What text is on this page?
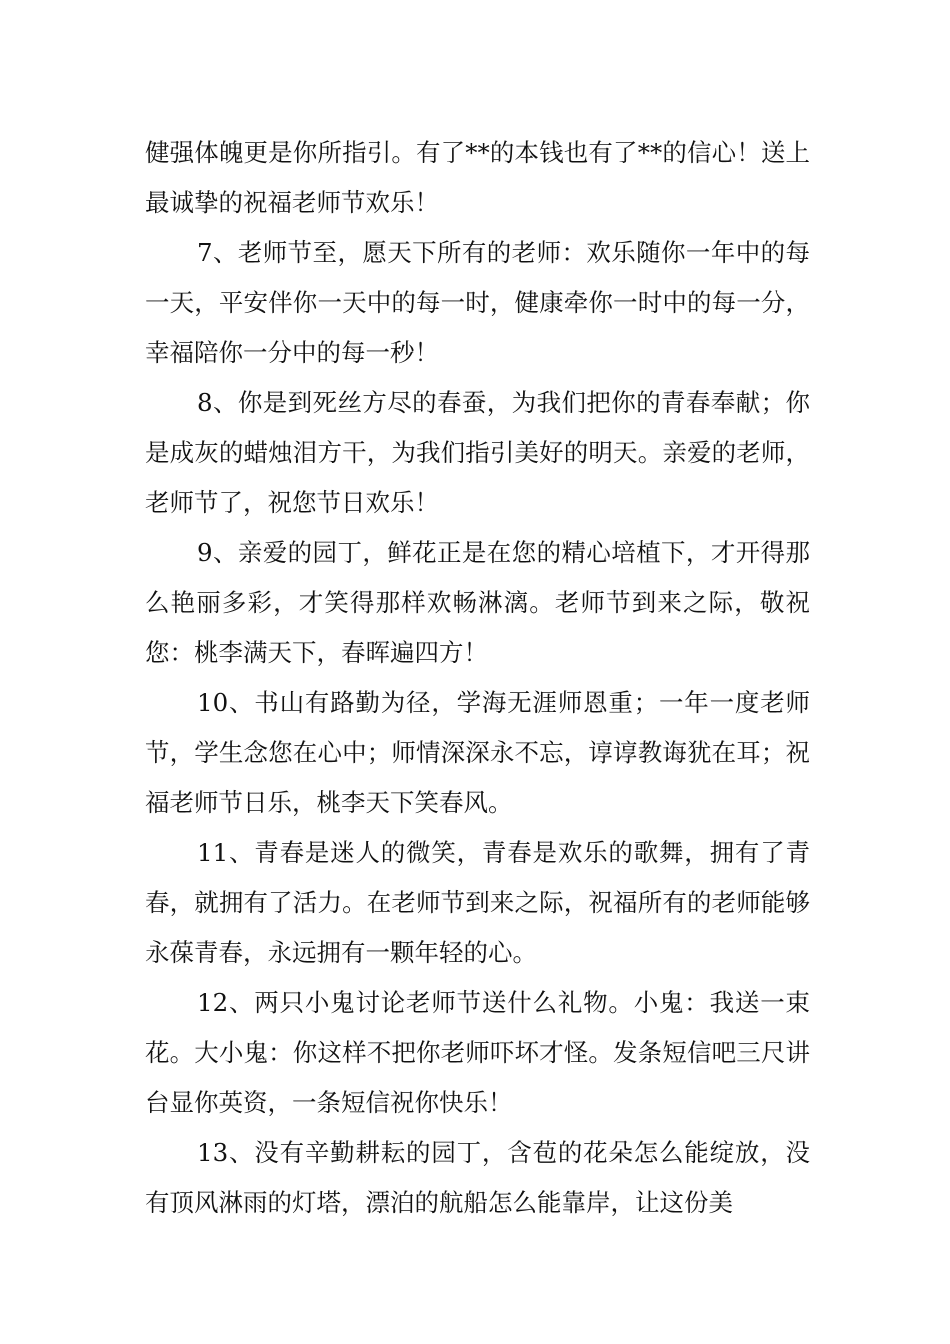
健强体魄更是你所指引。有了**的本钱也有了**的信心！送上最诚挚的祝福老师节欢乐！

7、老师节至，愿天下所有的老师：欢乐随你一年中的每一天，平安伴你一天中的每一时，健康牵你一时中的每一分，幸福陪你一分中的每一秒！

8、你是到死丝方尽的春蚕，为我们把你的青春奉献；你是成灰的蜡烛泪方干，为我们指引美好的明天。亲爱的老师，老师节了，祝您节日欢乐！

9、亲爱的园丁，鲜花正是在您的精心培植下，才开得那么艳丽多彩，才笑得那样欢畅淋漓。老师节到来之际，敬祝您：桃李满天下，春晖遍四方！

10、书山有路勤为径，学海无涯师恩重；一年一度老师节，学生念您在心中；师情深深永不忘，谆谆教诲犹在耳；祝福老师节日乐，桃李天下笑春风。

11、青春是迷人的微笑，青春是欢乐的歌舞，拥有了青春，就拥有了活力。在老师节到来之际，祝福所有的老师能够永葆青春，永远拥有一颗年轻的心。

12、两只小鬼讨论老师节送什么礼物。小鬼：我送一束花。大小鬼：你这样不把你老师吓坏才怪。发条短信吧三尺讲台显你英资，一条短信祝你快乐！

13、没有辛勤耕耘的园丁，含苞的花朵怎么能绽放，没有顶风淋雨的灯塔，漂泊的航船怎么能靠岸，让这份美
